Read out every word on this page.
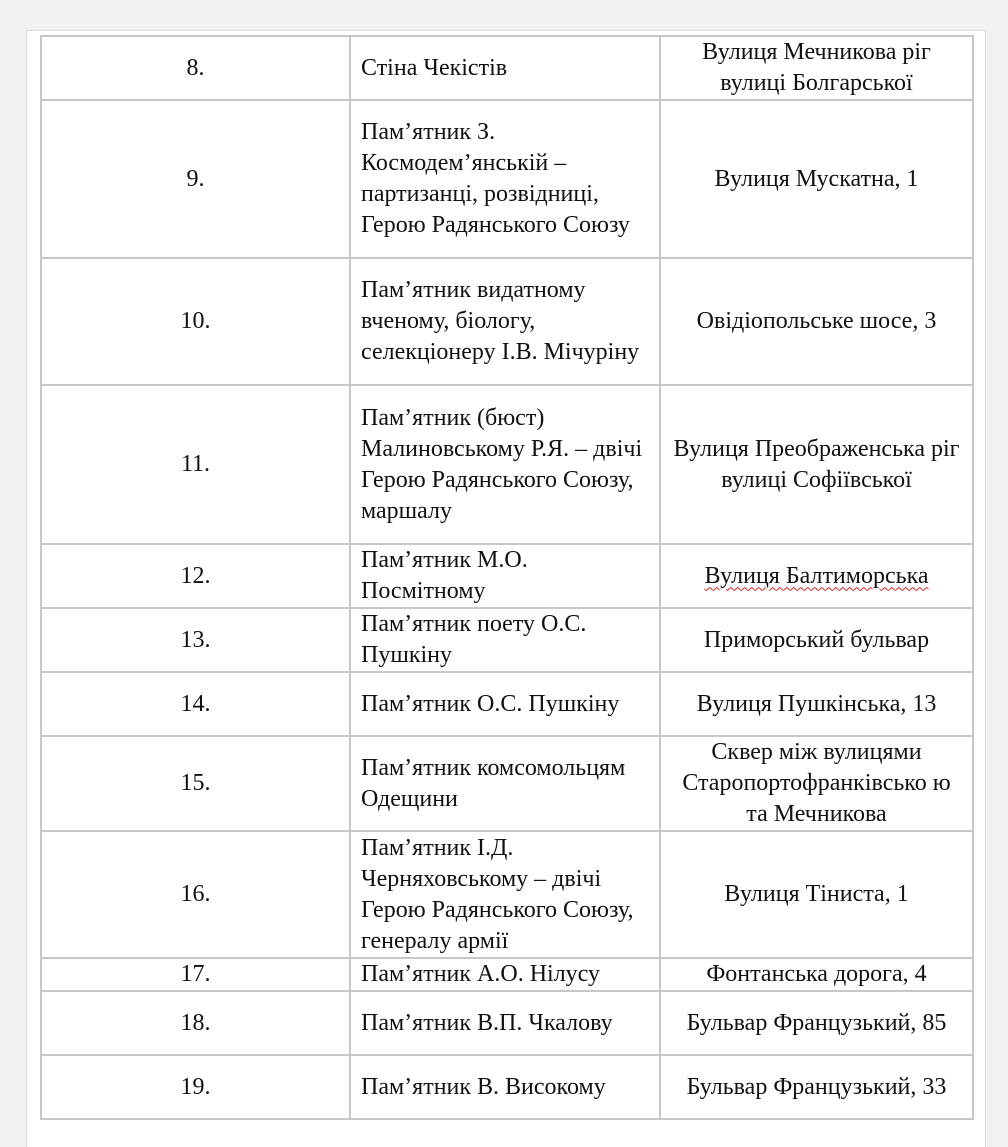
8.	Стіна Чекістів	Вулиця Мечникова ріг вулиці Болгарської
9.	Пам’ятник З. Космодем’янській – партизанці, розвідниці, Герою Радянського Союзу	Вулиця Мускатна, 1
10.	Пам’ятник видатному вченому, біологу, селекціонеру І.В. Мічуріну	Овідіопольське шосе, 3
11.	Пам’ятник (бюст) Малиновському Р.Я. – двічі Герою Радянського Союзу, маршалу	Вулиця Преображенська ріг вулиці Софіївської
12.	Пам’ятник М.О. Посмітному	Вулиця Балтиморська
13.	Пам’ятник поету О.С. Пушкіну	Приморський бульвар
14.	Пам’ятник О.С. Пушкіну	Вулиця Пушкінська, 13
15.	Пам’ятник комсомольцям Одещини	Сквер між вулицями Старопортофранківсько ю та Мечникова
16.	Пам’ятник І.Д. Черняховському – двічі Герою Радянського Союзу, генералу армії	Вулиця Тіниста, 1
17.	Пам’ятник А.О. Нілусу	Фонтанська дорога, 4
18.	Пам’ятник В.П. Чкалову	Бульвар Французький, 85
19.	Пам’ятник В. Високому	Бульвар Французький, 33
